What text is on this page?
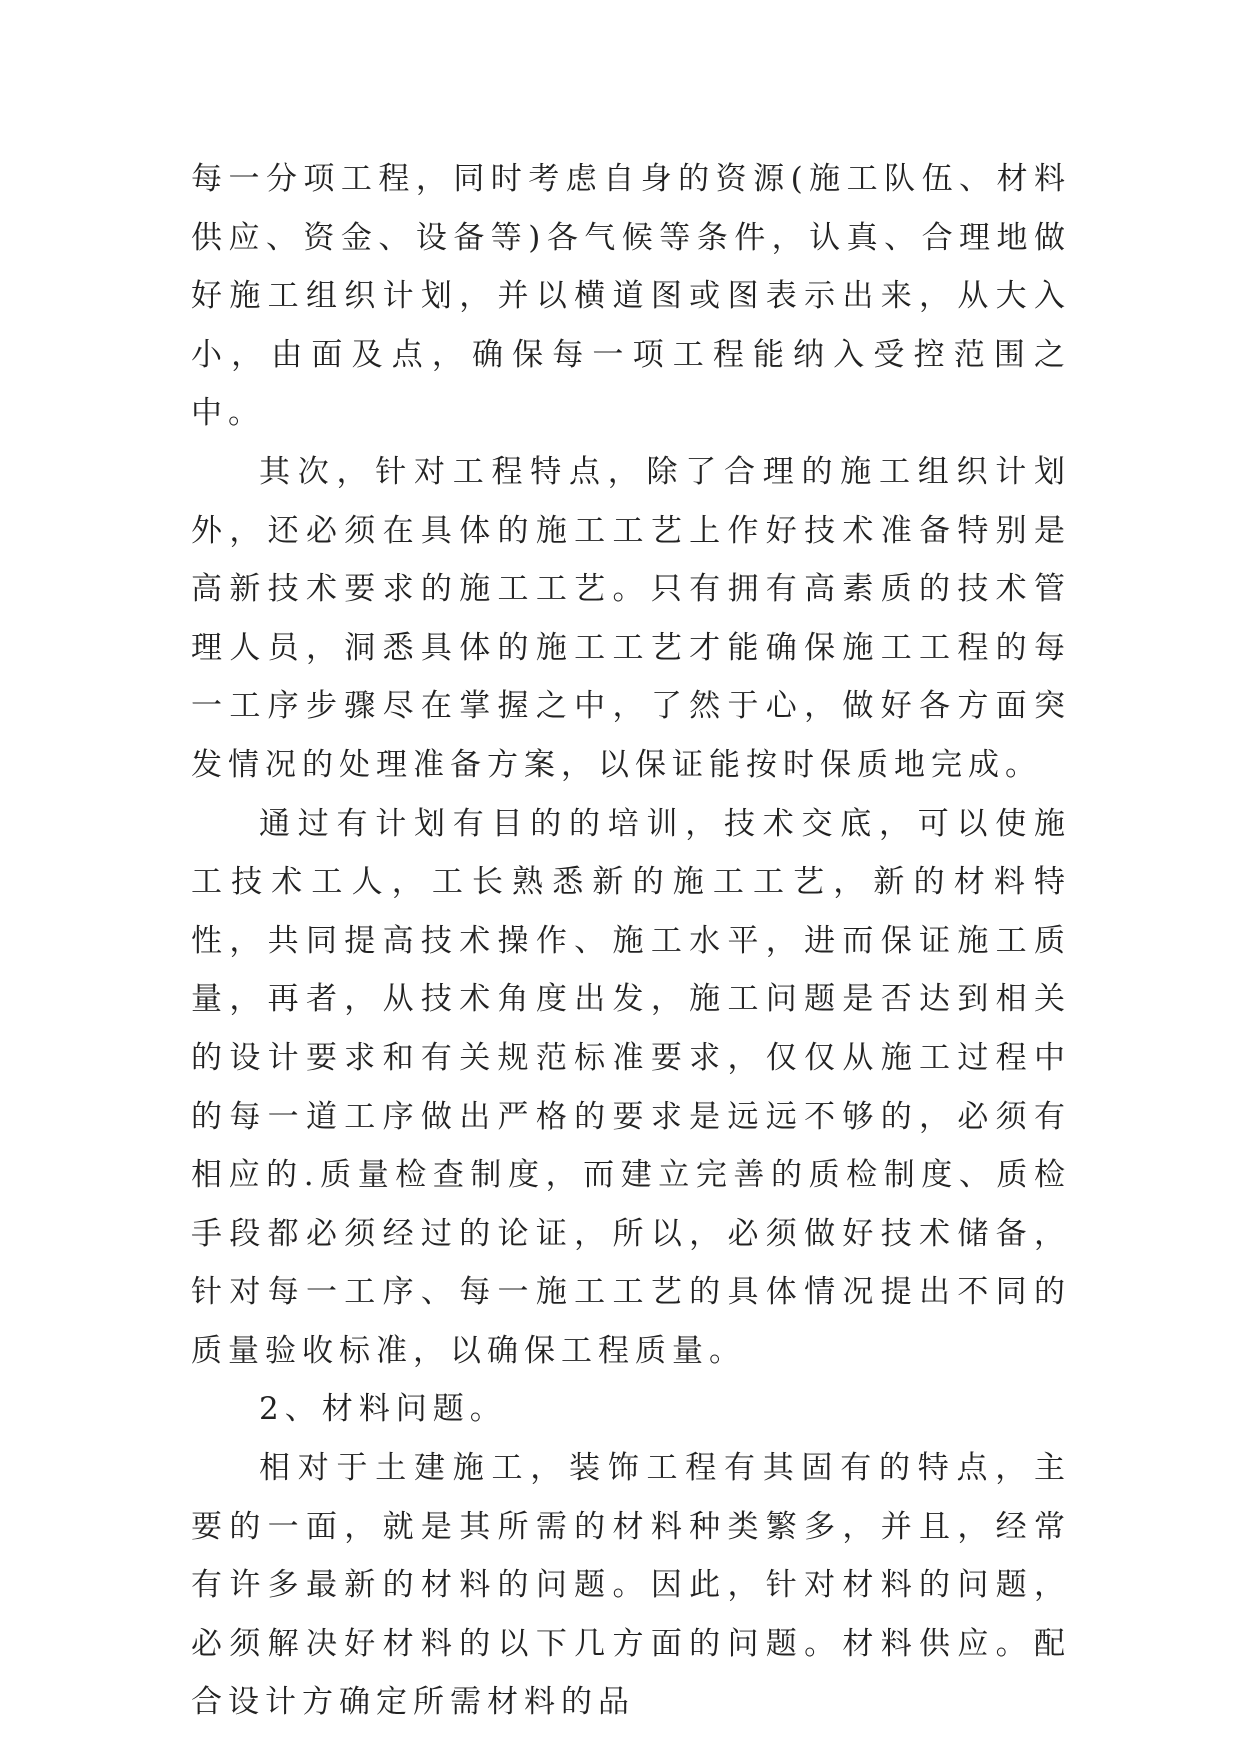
每一分项工程，同时考虑自身的资源(施工队伍、材料供应、资金、设备等)各气候等条件，认真、合理地做好施工组织计划，并以横道图或图表示出来，从大入小，由面及点，确保每一项工程能纳入受控范围之中。

其次，针对工程特点，除了合理的施工组织计划外，还必须在具体的施工工艺上作好技术准备特别是高新技术要求的施工工艺。只有拥有高素质的技术管理人员，洞悉具体的施工工艺才能确保施工工程的每一工序步骤尽在掌握之中，了然于心，做好各方面突发情况的处理准备方案，以保证能按时保质地完成。

通过有计划有目的的培训，技术交底，可以使施工技术工人，工长熟悉新的施工工艺，新的材料特性，共同提高技术操作、施工水平，进而保证施工质量，再者，从技术角度出发，施工问题是否达到相关的设计要求和有关规范标准要求，仅仅从施工过程中的每一道工序做出严格的要求是远远不够的，必须有相应的.质量检查制度，而建立完善的质检制度、质检手段都必须经过的论证，所以，必须做好技术储备，针对每一工序、每一施工工艺的具体情况提出不同的质量验收标准，以确保工程质量。

2、材料问题。

相对于土建施工，装饰工程有其固有的特点，主要的一面，就是其所需的材料种类繁多，并且，经常有许多最新的材料的问题。因此，针对材料的问题，必须解决好材料的以下几方面的问题。材料供应。配合设计方确定所需材料的品
